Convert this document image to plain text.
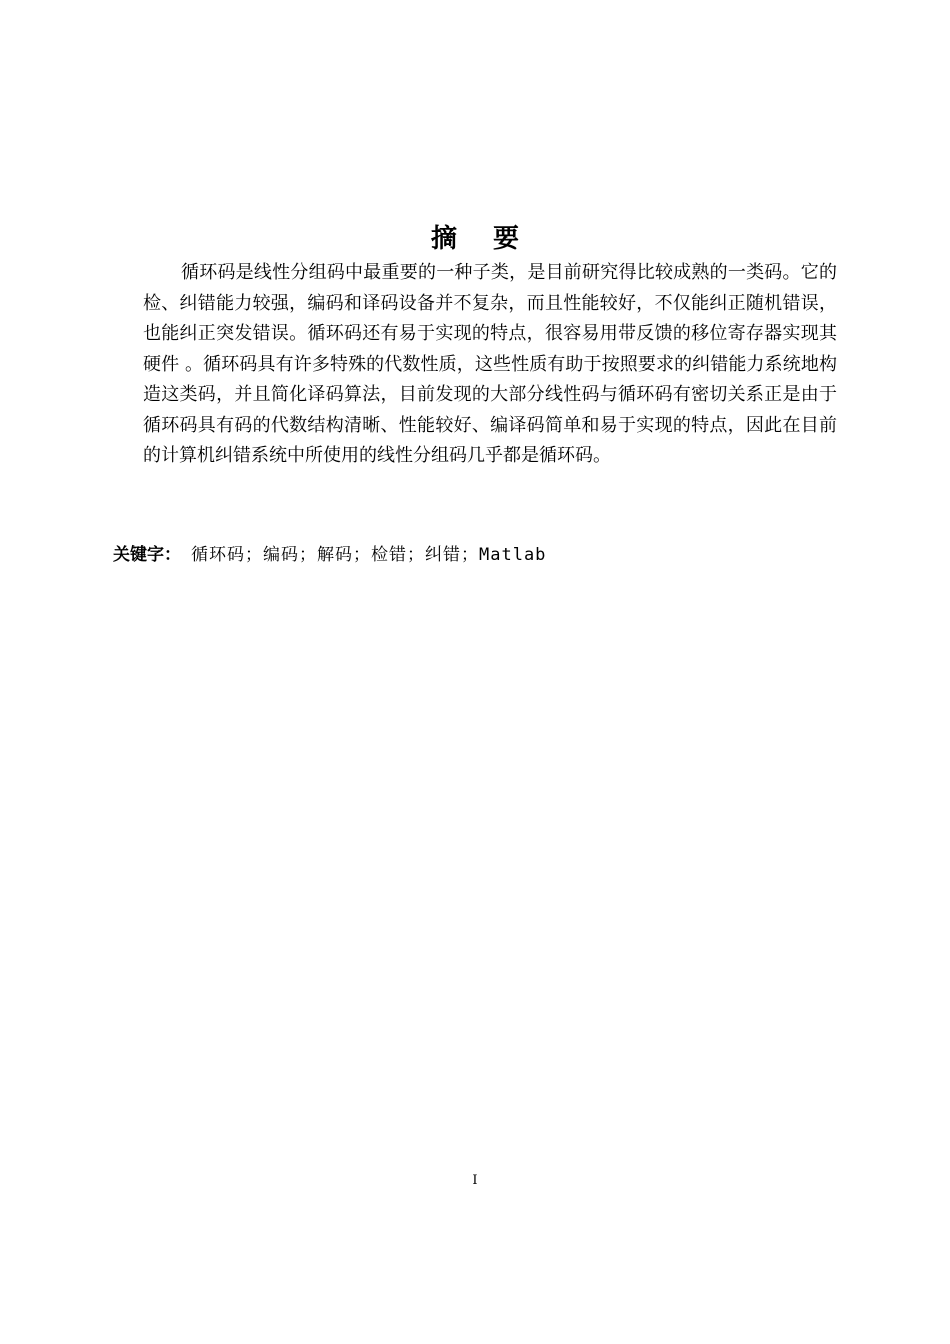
摘要

循环码是线性分组码中最重要的一种子类，是目前研究得比较成熟的一类码。它的检、纠错能力较强，编码和译码设备并不复杂，而且性能较好，不仅能纠正随机错误，也能纠正突发错误。循环码还有易于实现的特点，很容易用带反馈的移位寄存器实现其硬件 。循环码具有许多特殊的代数性质，这些性质有助于按照要求的纠错能力系统地构造这类码，并且简化译码算法，目前发现的大部分线性码与循环码有密切关系正是由于循环码具有码的代数结构清晰、性能较好、编译码简单和易于实现的特点，因此在目前的计算机纠错系统中所使用的线性分组码几乎都是循环码。

关键字： 循环码；编码；解码；检错；纠错；Matlab
I
